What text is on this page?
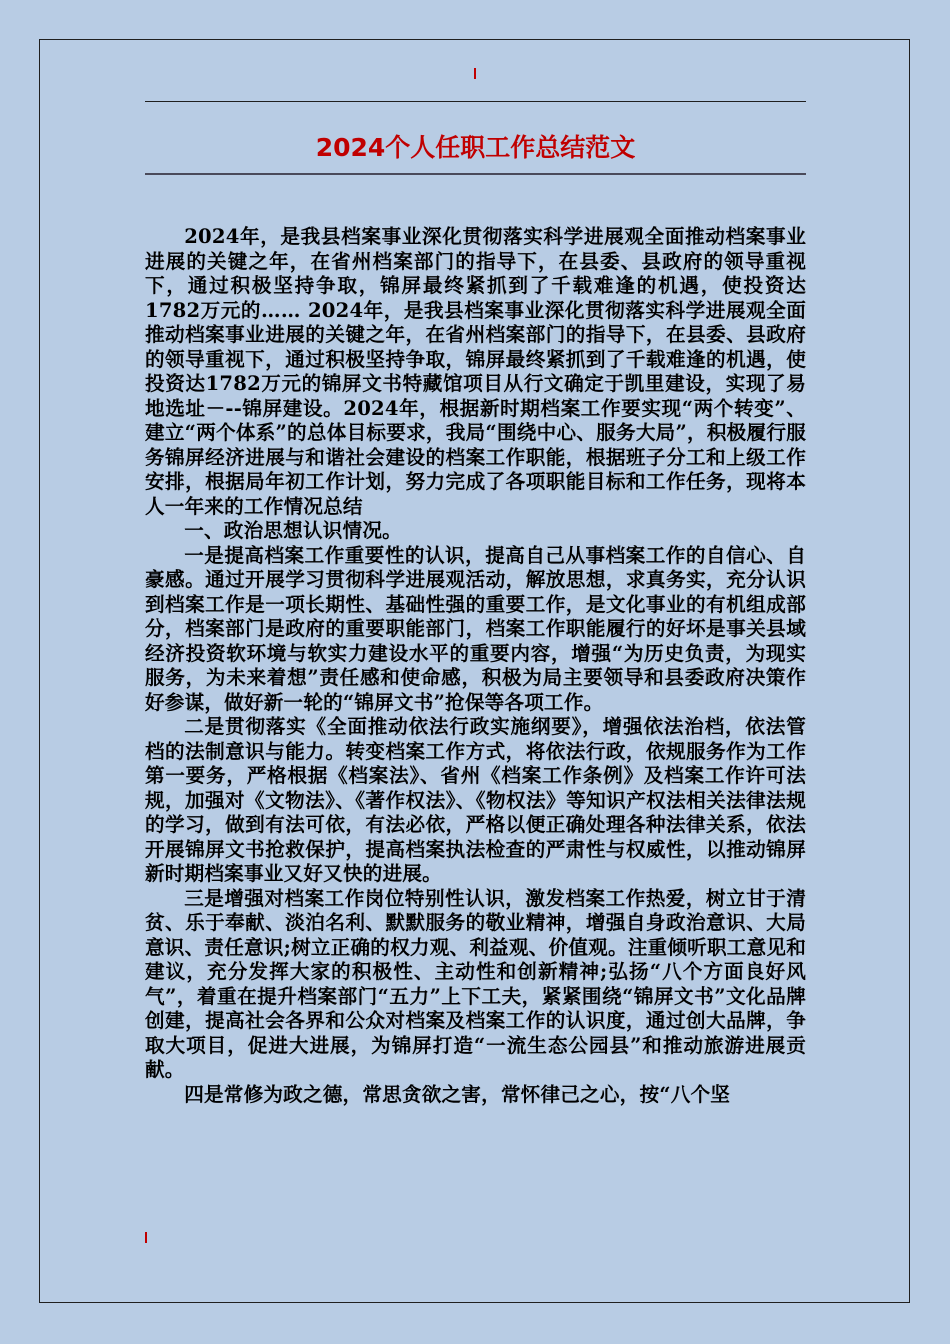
2024个人任职工作总结范文

2024年，是我县档案事业深化贯彻落实科学进展观全面推动档案事业进展的关键之年，在省州档案部门的指导下，在县委、县政府的领导重视下，通过积极坚持争取，锦屏最终紧抓到了千载难逢的机遇，使投资达1782万元的…… 2024年，是我县档案事业深化贯彻落实科学进展观全面推动档案事业进展的关键之年，在省州档案部门的指导下，在县委、县政府的领导重视下，通过积极坚持争取，锦屏最终紧抓到了千载难逢的机遇，使投资达1782万元的锦屏文书特藏馆项目从行文确定于凯里建设，实现了易地选址－--锦屏建设。2024年，根据新时期档案工作要实现“两个转变”、建立“两个体系”的总体目标要求，我局“围绕中心、服务大局”，积极履行服务锦屏经济进展与和谐社会建设的档案工作职能，根据班子分工和上级工作安排，根据局年初工作计划，努力完成了各项职能目标和工作任务，现将本人一年来的工作情况总结

一、政治思想认识情况。

一是提高档案工作重要性的认识，提高自己从事档案工作的自信心、自豪感。通过开展学习贯彻科学进展观活动，解放思想，求真务实，充分认识到档案工作是一项长期性、基础性强的重要工作，是文化事业的有机组成部分，档案部门是政府的重要职能部门，档案工作职能履行的好坏是事关县域经济投资软环境与软实力建设水平的重要内容，增强“为历史负责，为现实服务，为未来着想”责任感和使命感，积极为局主要领导和县委政府决策作好参谋，做好新一轮的“锦屏文书”抢保等各项工作。

二是贯彻落实《全面推动依法行政实施纲要》，增强依法治档，依法管档的法制意识与能力。转变档案工作方式，将依法行政，依规服务作为工作第一要务，严格根据《档案法》、省州《档案工作条例》及档案工作许可法规，加强对《文物法》、《著作权法》、《物权法》等知识产权法相关法律法规的学习，做到有法可依，有法必依，严格以便正确处理各种法律关系，依法开展锦屏文书抢救保护，提高档案执法检查的严肃性与权威性，以推动锦屏新时期档案事业又好又快的进展。

三是增强对档案工作岗位特别性认识，激发档案工作热爱，树立甘于清贫、乐于奉献、淡泊名利、默默服务的敬业精神，增强自身政治意识、大局意识、责任意识;树立正确的权力观、利益观、价值观。注重倾听职工意见和建议，充分发挥大家的积极性、主动性和创新精神;弘扬“八个方面良好风气”，着重在提升档案部门“五力”上下工夫，紧紧围绕“锦屏文书”文化品牌创建，提高社会各界和公众对档案及档案工作的认识度，通过创大品牌，争取大项目，促进大进展，为锦屏打造“一流生态公园县”和推动旅游进展贡献。

四是常修为政之德，常思贪欲之害，常怀律己之心，按“八个坚
